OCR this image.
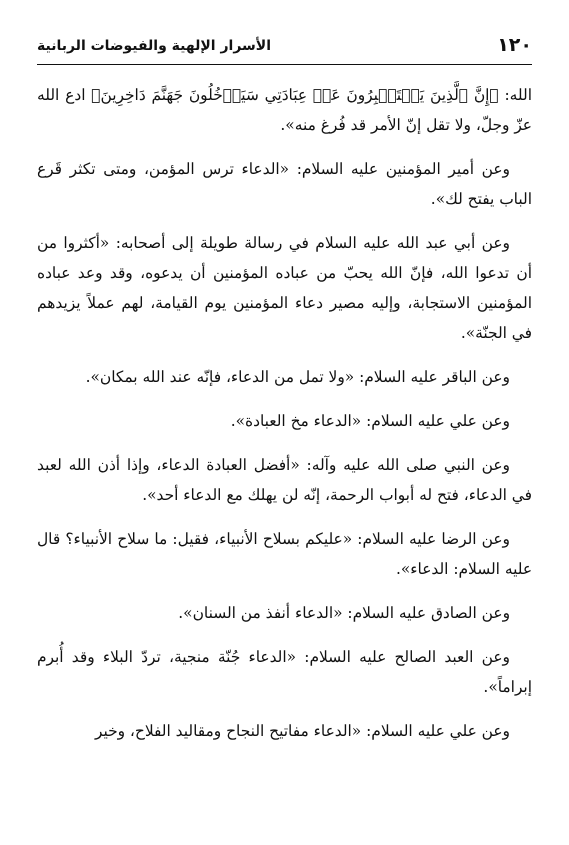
١٢٠
الأسرار الإلهية والفيوضات الربانية

الله: ﴿إِنَّ ٱلَّذِينَ يَسۡتَكۡبِرُونَ عَنۡ عِبَادَتِي سَيَدۡخُلُونَ جَهَنَّمَ دَاخِرِينَ﴾ ادع الله عزّ وجلّ، ولا تقل إنّ الأمر قد فُرغ منه».

وعن أمير المؤمنين عليه السلام: «الدعاء ترس المؤمن، ومتى تكثر قَرع الباب يفتح لك».

وعن أبي عبد الله عليه السلام في رسالة طويلة إلى أصحابه: «أكثروا من أن تدعوا الله، فإنّ الله يحبّ من عباده المؤمنين أن يدعوه، وقد وعد عباده المؤمنين الاستجابة، وإليه مصير دعاء المؤمنين يوم القيامة، لهم عملاً يزيدهم في الجنّة».

وعن الباقر عليه السلام: «ولا تمل من الدعاء، فإنّه عند الله بمكان».

وعن علي عليه السلام: «الدعاء مخ العبادة».

وعن النبي صلى الله عليه وآله: «أفضل العبادة الدعاء، وإذا أذن الله لعبد في الدعاء، فتح له أبواب الرحمة، إنّه لن يهلك مع الدعاء أحد».

وعن الرضا عليه السلام: «عليكم بسلاح الأنبياء، فقيل: ما سلاح الأنبياء؟ قال عليه السلام: الدعاء».

وعن الصادق عليه السلام: «الدعاء أنفذ من السنان».

وعن العبد الصالح عليه السلام: «الدعاء جُنّة منجية، تردّ البلاء وقد أُبرم إبراماً».

وعن علي عليه السلام: «الدعاء مفاتيح النجاح ومقاليد الفلاح، وخير
